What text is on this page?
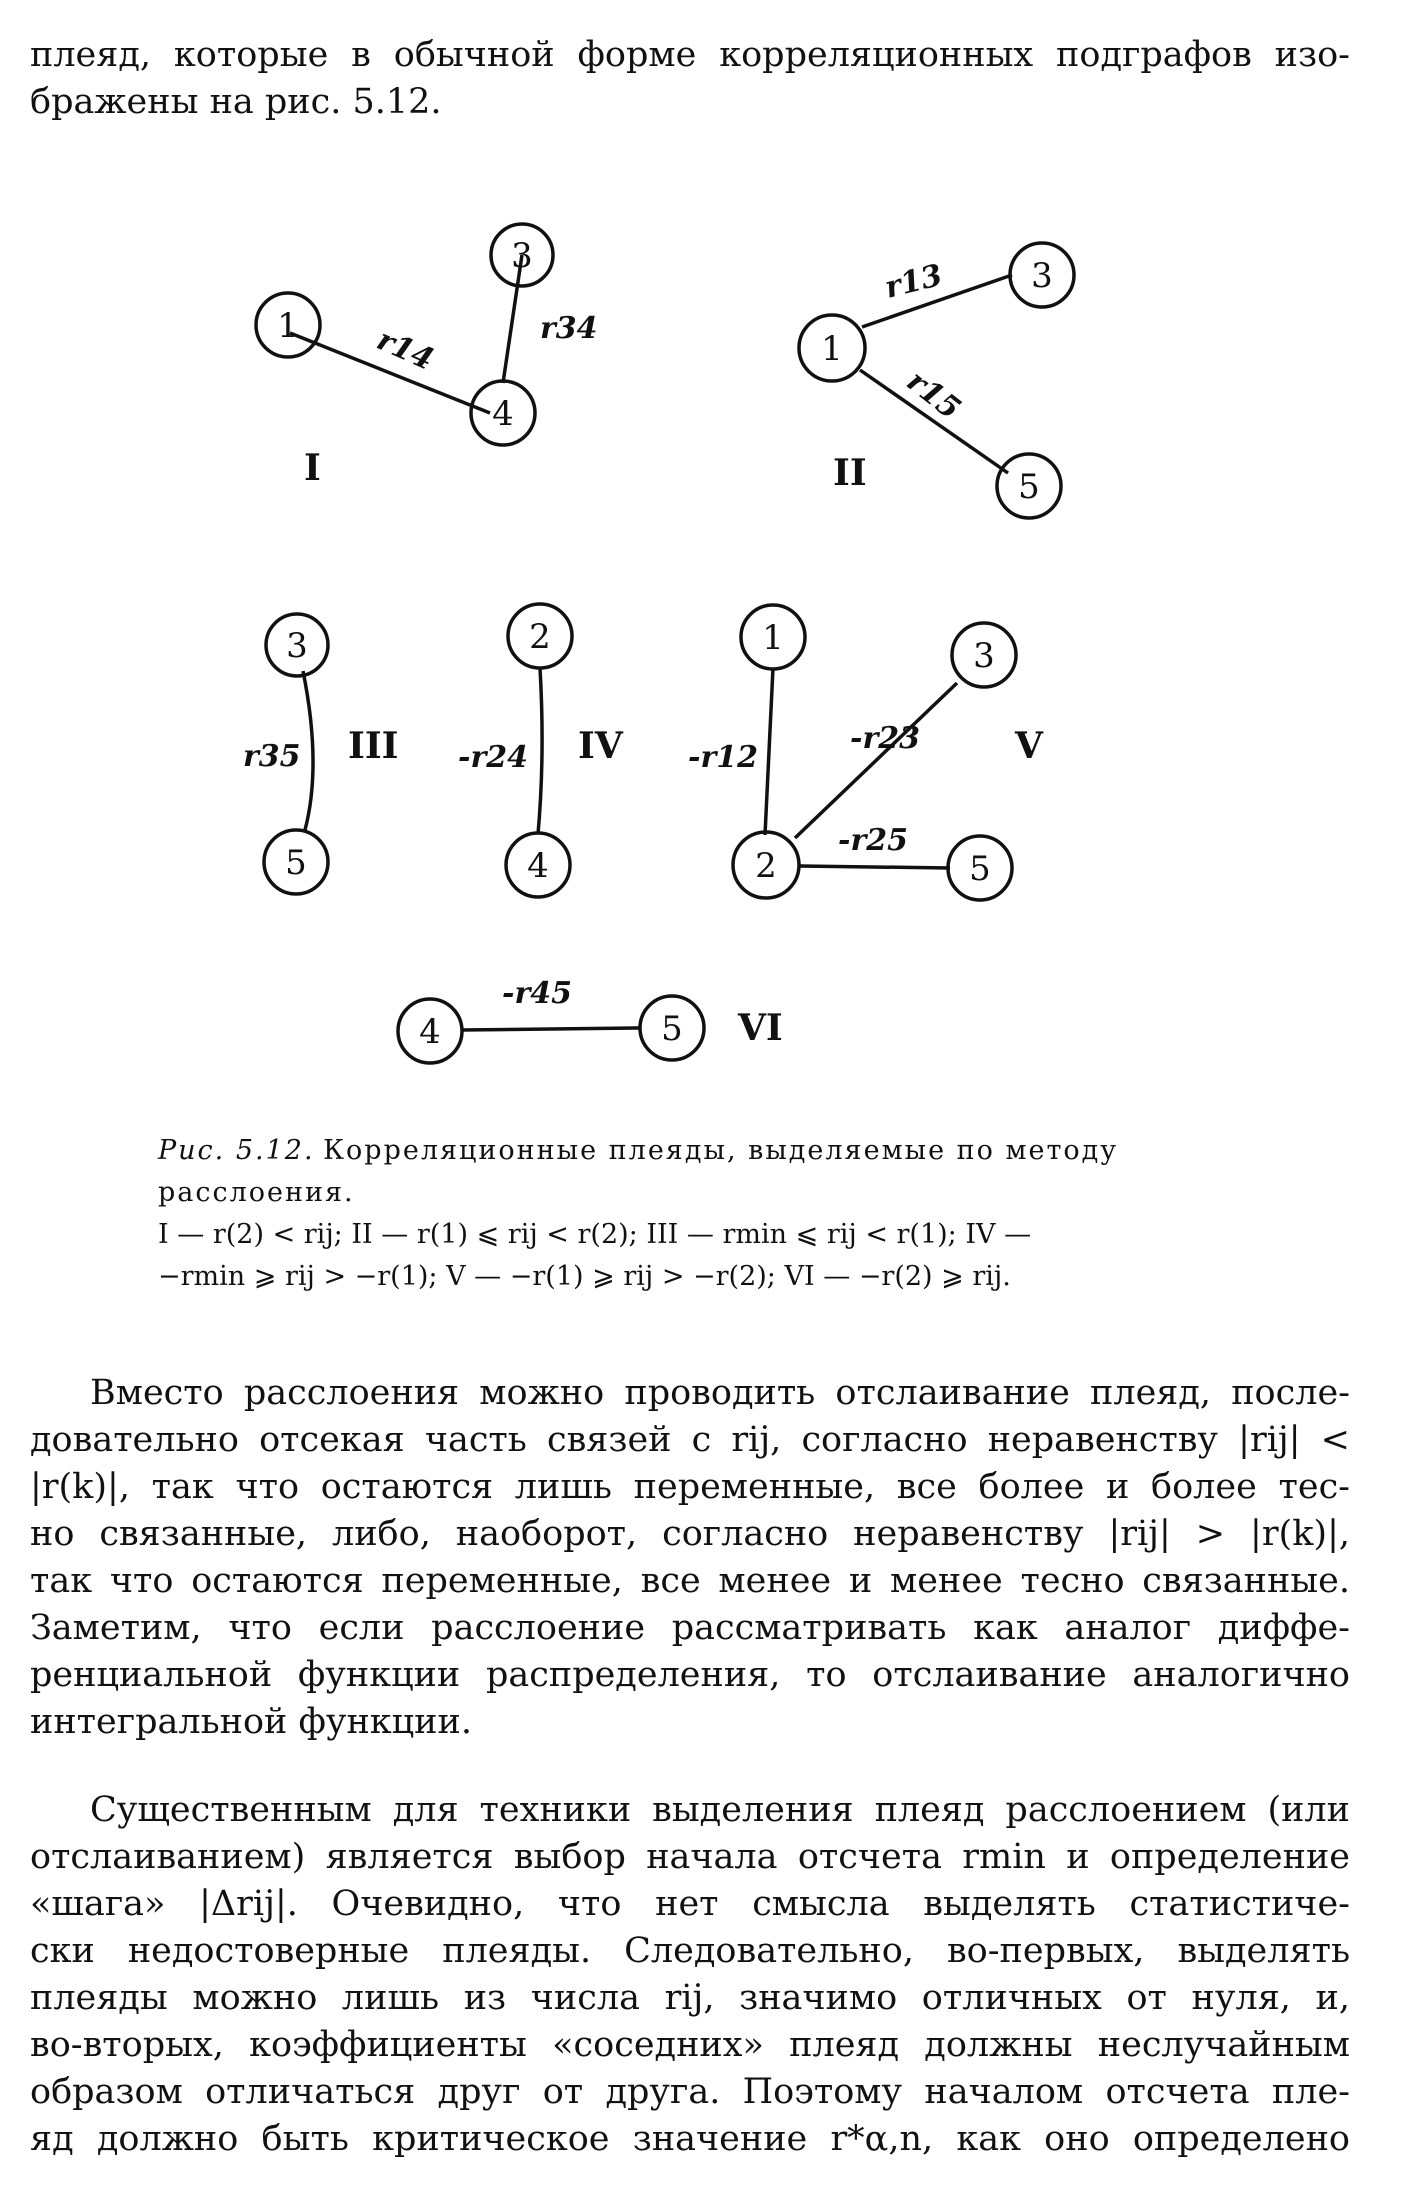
плеяд, которые в обычной форме корреляционных подграфов изо-
бражены на рис. 5.12.

3
1
4
3
1
5
3
5
2
4
1	3
2	5
4	5
r14	r34
r13
r15
r35	-r24	-r12
-r23
-r25
-r45
I	II
III	IV	V
VI
Рис. 5.12. Корреляционные плеяды, выделяемые по методу
расслоения.
I — r(2) < rij; II — r(1) ⩽ rij < r(2); III — rmin ⩽ rij < r(1); IV —
−rmin ⩾ rij > −r(1); V — −r(1) ⩾ rij > −r(2); VI — −r(2) ⩾ rij.

Вместо расслоения можно проводить отслаивание плеяд, после-
довательно отсекая часть связей с rij, согласно неравенству |rij| <
|r(k)|, так что остаются лишь переменные, все более и более тес-
но связанные, либо, наоборот, согласно неравенству |rij| > |r(k)|,
так что остаются переменные, все менее и менее тесно связанные.
Заметим, что если расслоение рассматривать как аналог диффе-
ренциальной функции распределения, то отслаивание аналогично
интегральной функции.

Существенным для техники выделения плеяд расслоением (или
отслаиванием) является выбор начала отсчета rmin и определение
«шага» |Δrij|. Очевидно, что нет смысла выделять статистиче-
ски недостоверные плеяды. Следовательно, во-первых, выделять
плеяды можно лишь из числа rij, значимо отличных от нуля, и,
во-вторых, коэффициенты «соседних» плеяд должны неслучайным
образом отличаться друг от друга. Поэтому началом отсчета пле-
яд должно быть критическое значение r*α,n, как оно определено
